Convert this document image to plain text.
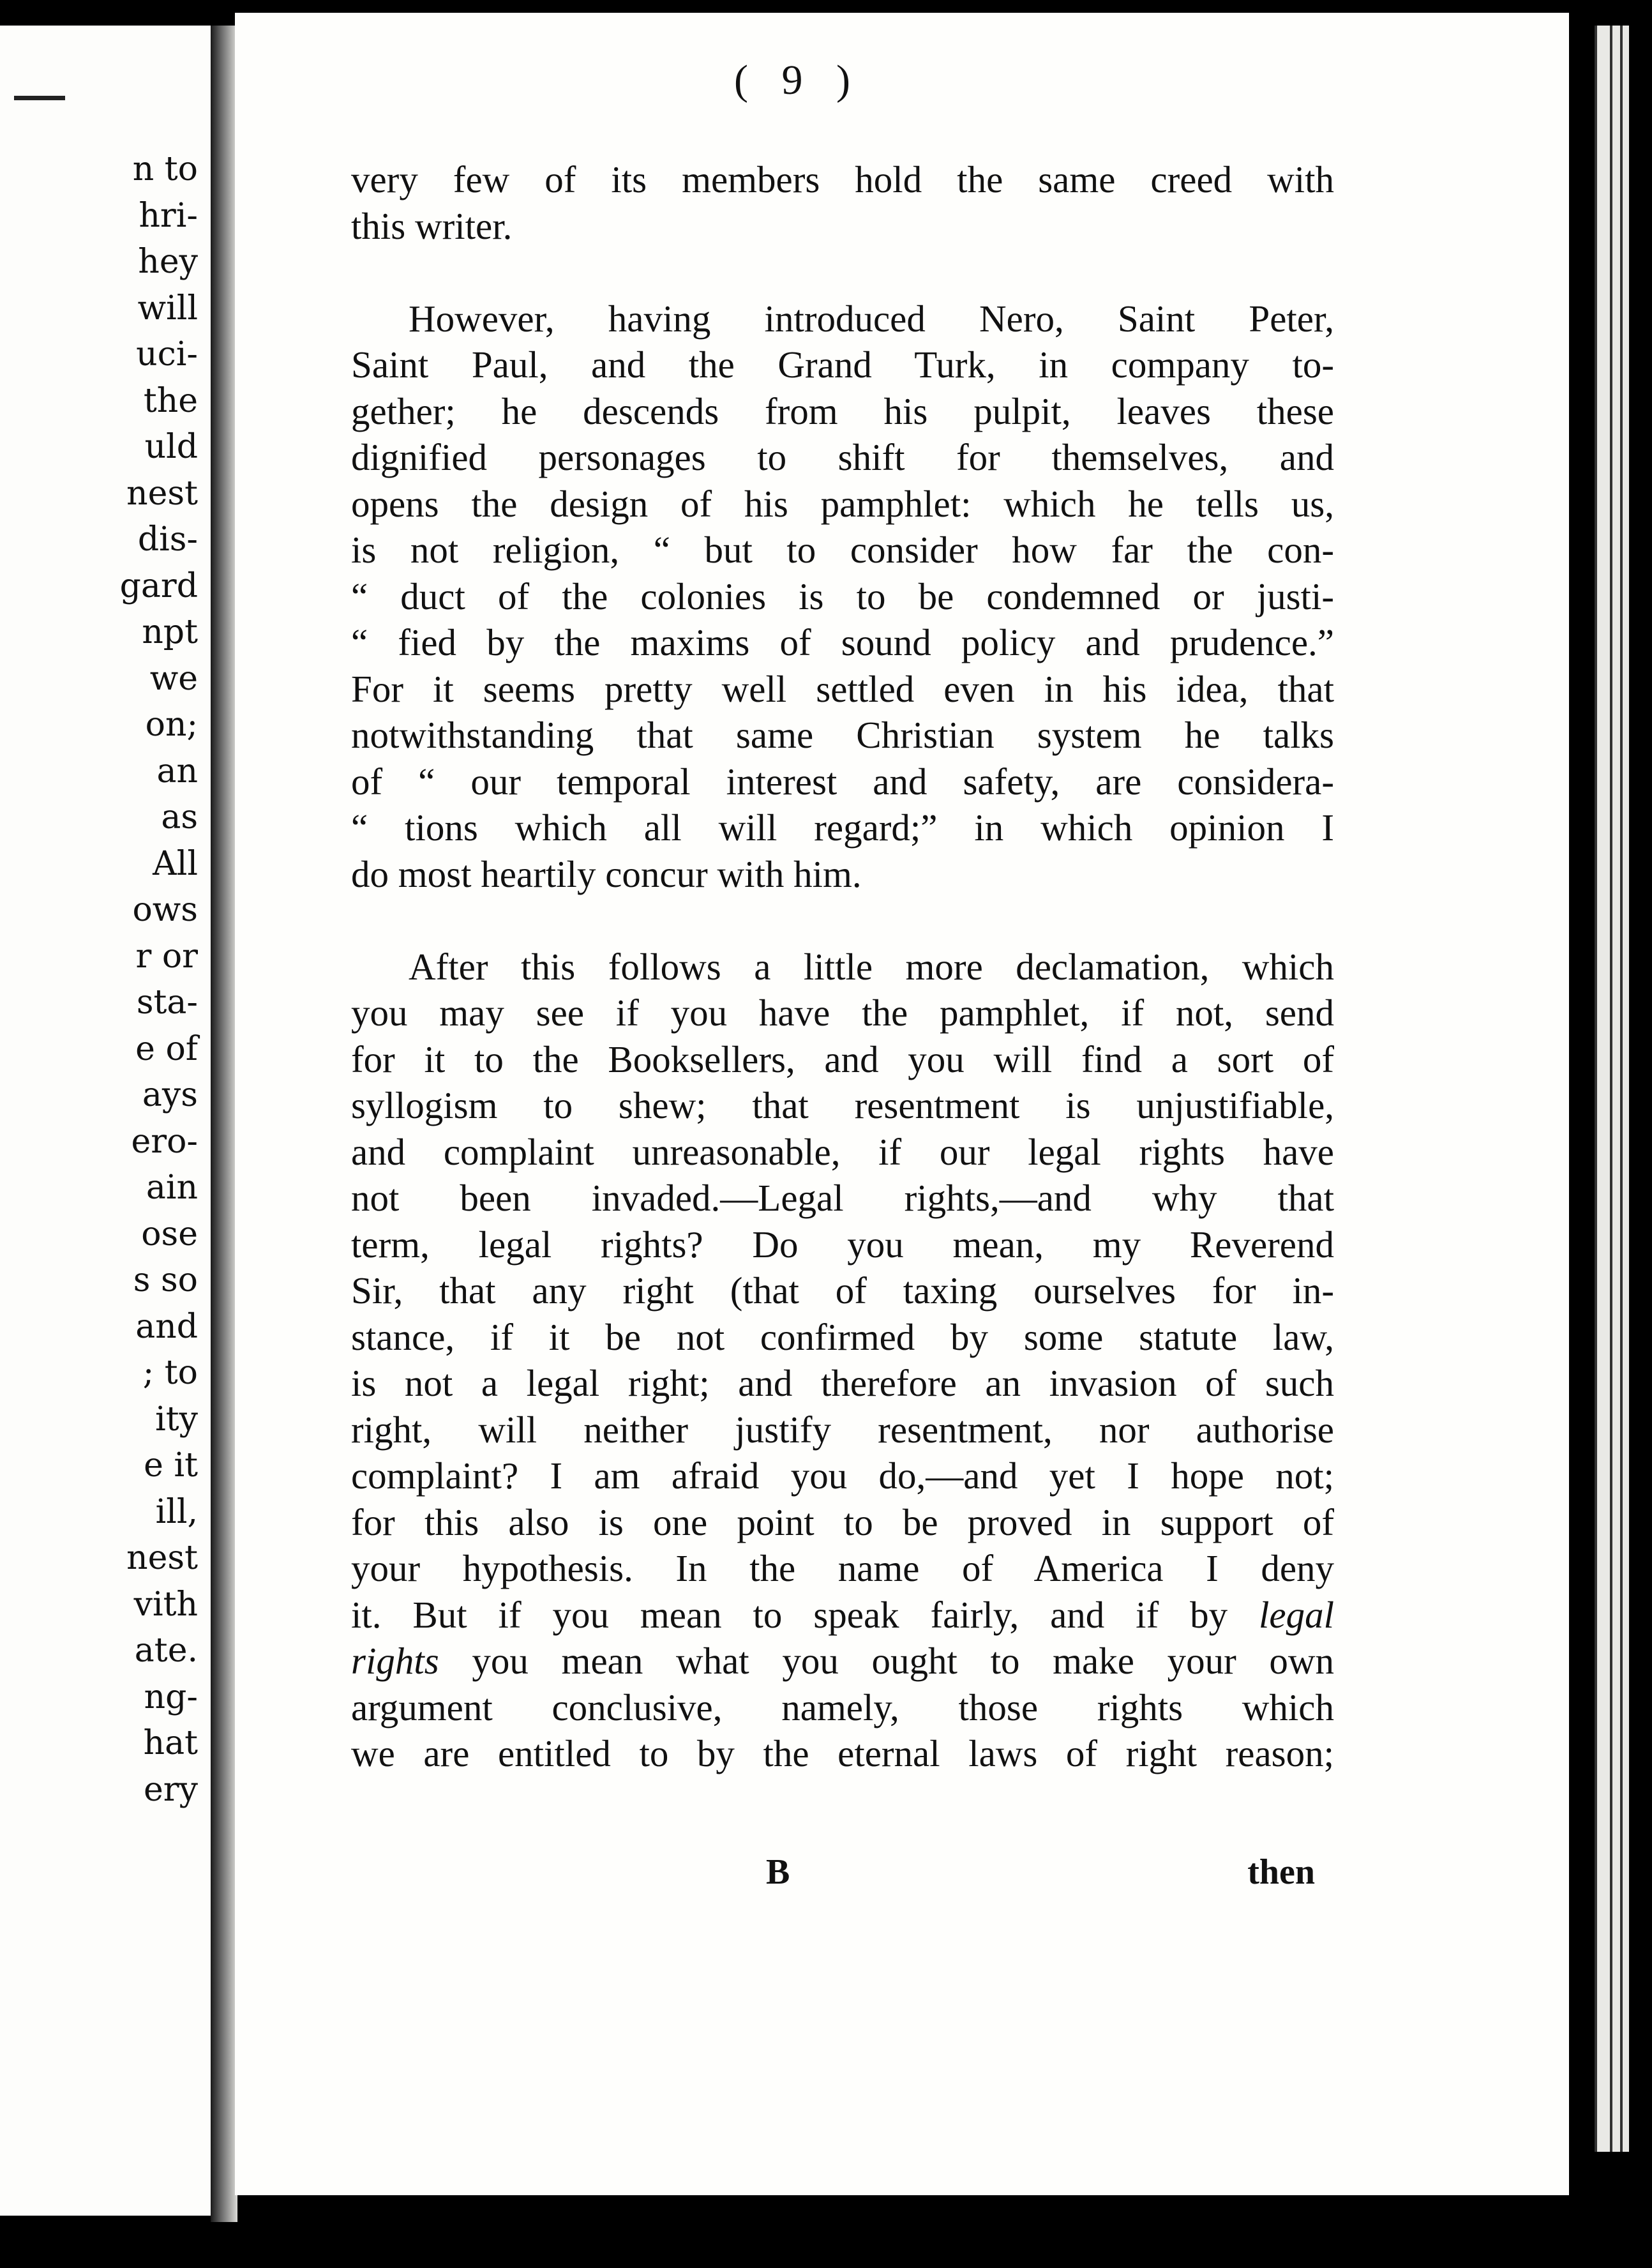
n to
hri-
hey
will
uci-
the
uld
nest
dis-
gard
npt
we
on;
an
as
All
ows
r or
sta-
e of
ays
ero-
ain
ose
s so
and
; to
ity
e it
ill,
nest
vith
ate.
ng-
hat
ery
( 9 )
very few of its members hold the same creed with
this writer.
However, having introduced Nero, Saint Peter,
Saint Paul, and the Grand Turk, in company to-
gether; he descends from his pulpit, leaves these
dignified personages to shift for themselves, and
opens the design of his pamphlet: which he tells us,
is not religion, “ but to consider how far the con-
“ duct of the colonies is to be condemned or justi-
“ fied by the maxims of sound policy and prudence.”
For it seems pretty well settled even in his idea, that
notwithstanding that same Christian system he talks
of “ our temporal interest and safety, are considera-
“ tions which all will regard;” in which opinion I
do most heartily concur with him.
After this follows a little more declamation, which
you may see if you have the pamphlet, if not, send
for it to the Booksellers, and you will find a sort of
syllogism to shew; that resentment is unjustifiable,
and complaint unreasonable, if our legal rights have
not been invaded.—Legal rights,—and why that
term, legal rights? Do you mean, my Reverend
Sir, that any right (that of taxing ourselves for in-
stance, if it be not confirmed by some statute law,
is not a legal right; and therefore an invasion of such
right, will neither justify resentment, nor authorise
complaint? I am afraid you do,—and yet I hope not;
for this also is one point to be proved in support of
your hypothesis. In the name of America I deny
it. But if you mean to speak fairly, and if by legal
rights you mean what you ought to make your own
argument conclusive, namely, those rights which
we are entitled to by the eternal laws of right reason;
B	then
